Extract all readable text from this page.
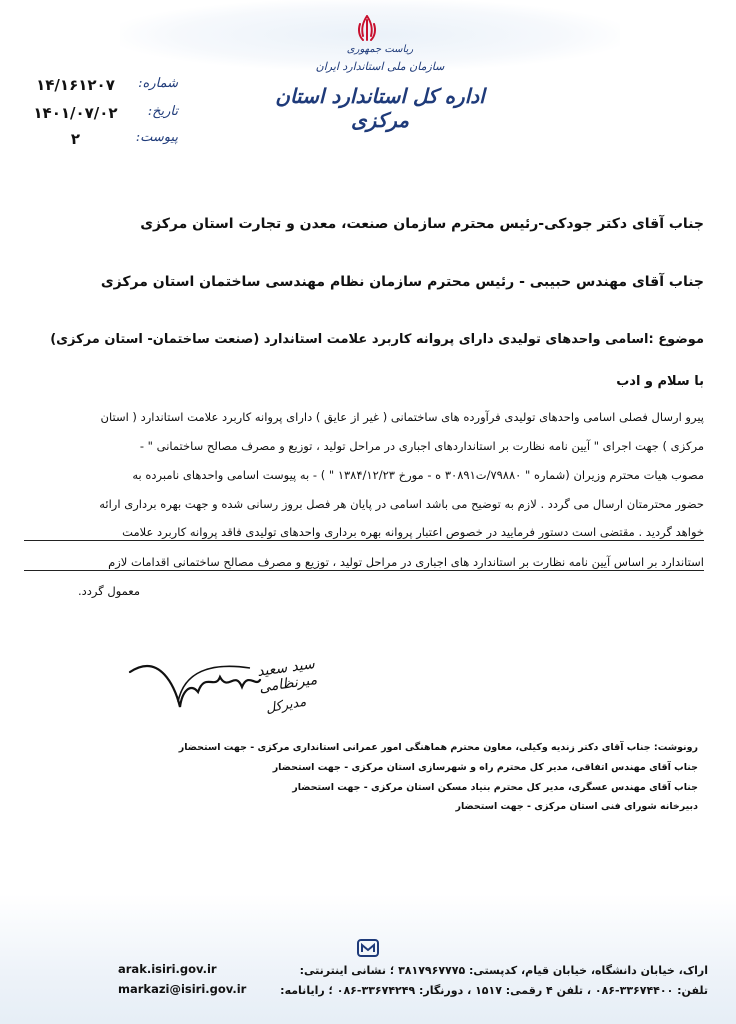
ریاست جمهوری
سازمان ملی استاندارد ایران
اداره کل استاندارد استان مرکزی
شماره:
۱۴/۱۶۱۲۰۷
تاریخ:
۱۴۰۱/۰۷/۰۲
پیوست:
۲
جناب آقای دکتر جودکی-رئیس محترم سازمان صنعت، معدن و تجارت استان مرکزی
جناب آقای مهندس حبیبی - رئیس محترم سازمان نظام مهندسی ساختمان استان مرکزی
موضوع :اسامی واحدهای تولیدی دارای پروانه کاربرد علامت استاندارد (صنعت ساختمان- استان مرکزی)
با سلام و ادب
پیرو ارسال فصلی اسامی واحدهای تولیدی فرآورده های ساختمانی ( غیر از عایق ) دارای پروانه کاربرد علامت استاندارد ( استان
مرکزی ) جهت اجرای " آیین نامه نظارت بر استانداردهای اجباری در مراحل تولید ، توزیع و مصرف مصالح ساختمانی " -
مصوب هیات محترم وزیران (شماره " ۷۹۸۸۰/ت۳۰۸۹۱ ه - مورخ ۱۳۸۴/۱۲/۲۳ " ) - به پیوست اسامی واحدهای نامبرده به
حضور محترمتان ارسال می گردد . لازم به توضیح می باشد اسامی در پایان هر فصل بروز رسانی شده و جهت بهره برداری ارائه
خواهد گردید . مقتضی است دستور فرمایید در خصوص اعتبار پروانه بهره برداری واحدهای تولیدی فاقد پروانه کاربرد علامت
استاندارد بر اساس آیین نامه نظارت بر استاندارد های اجباری در مراحل تولید ، توزیع و مصرف مصالح ساختمانی اقدامات لازم
معمول گردد.
سید سعید میرنظامی
مدیرکل
رونوشت: جناب آقای دکتر زندیه وکیلی، معاون محترم هماهنگی امور عمرانی استانداری مرکزی - جهت استحضار
جناب آقای مهندس اتفاقی، مدیر کل محترم راه و شهرسازی استان مرکزی - جهت استحضار
جناب آقای مهندس عسگری، مدیر کل محترم بنیاد مسکن استان مرکزی - جهت استحضار
دبیرخانه شورای فنی استان مرکزی - جهت استحضار
اراک، خیابان دانشگاه، خیابان قیام، کدپستی: ۳۸۱۷۹۶۷۷۷۵ ؛ نشانی اینترنتی:
arak.isiri.gov.ir
تلفن: ۳۳۶۷۴۴۰۰-۰۸۶ ، تلفن ۴ رقمی: ۱۵۱۷ ، دورنگار: ۳۳۶۷۴۲۴۹-۰۸۶ ؛ رایانامه:
markazi@isiri.gov.ir
